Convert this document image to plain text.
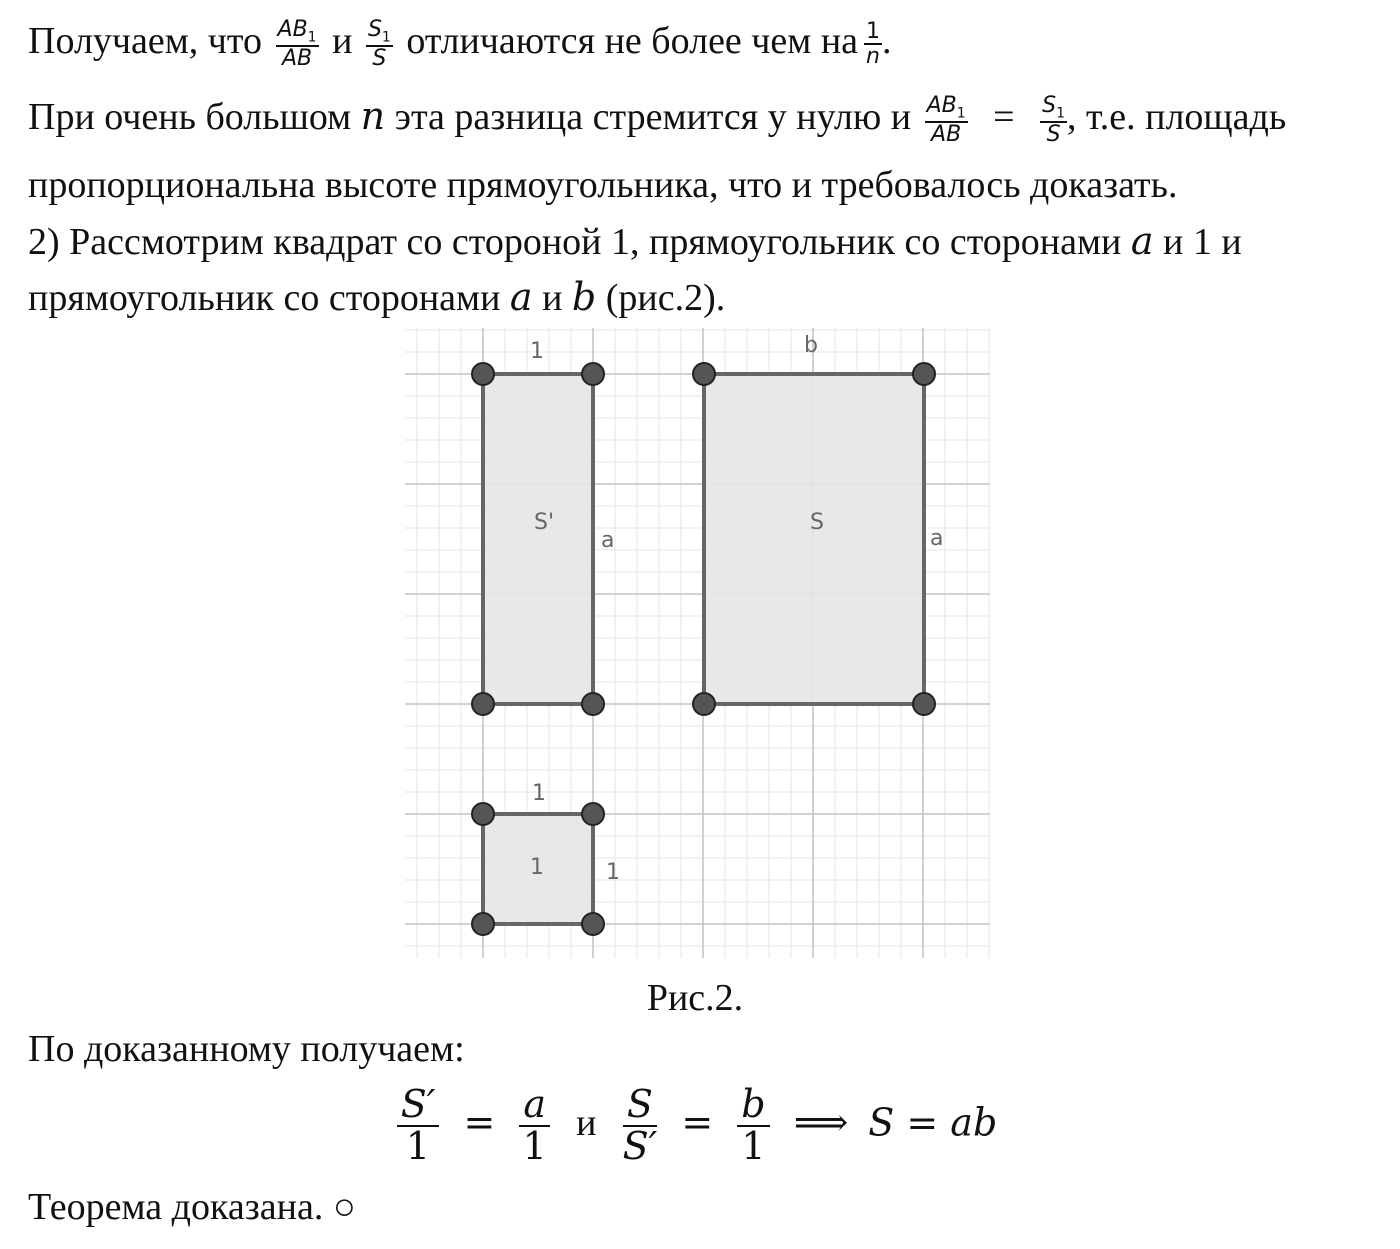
Получаем, что $\frac{AB_1}{AB}$ и $\frac{S_1}{S}$ отличаются не более чем на $\frac{1}{n}$ .
При очень большом n эта разница стремится у нулю и $\frac{AB_1}{AB} = \frac{S_1}{S}$ , т.е. площадь
пропорциональна высоте прямоугольника, что и требовалось доказать.
2) Рассмотрим квадрат со стороной 1, прямоугольник со сторонами a и 1 и
прямоугольник со сторонами a и b (рис.2).
1
a
S'
b
a
S
1
1
1
Рис.2.
По доказанному получаем:
$\frac{S'}{1} = \frac{a}{1}$ и $\frac{S}{S'} = \frac{b}{1}$ ⟹ S = ab
Теорема доказана. ○
